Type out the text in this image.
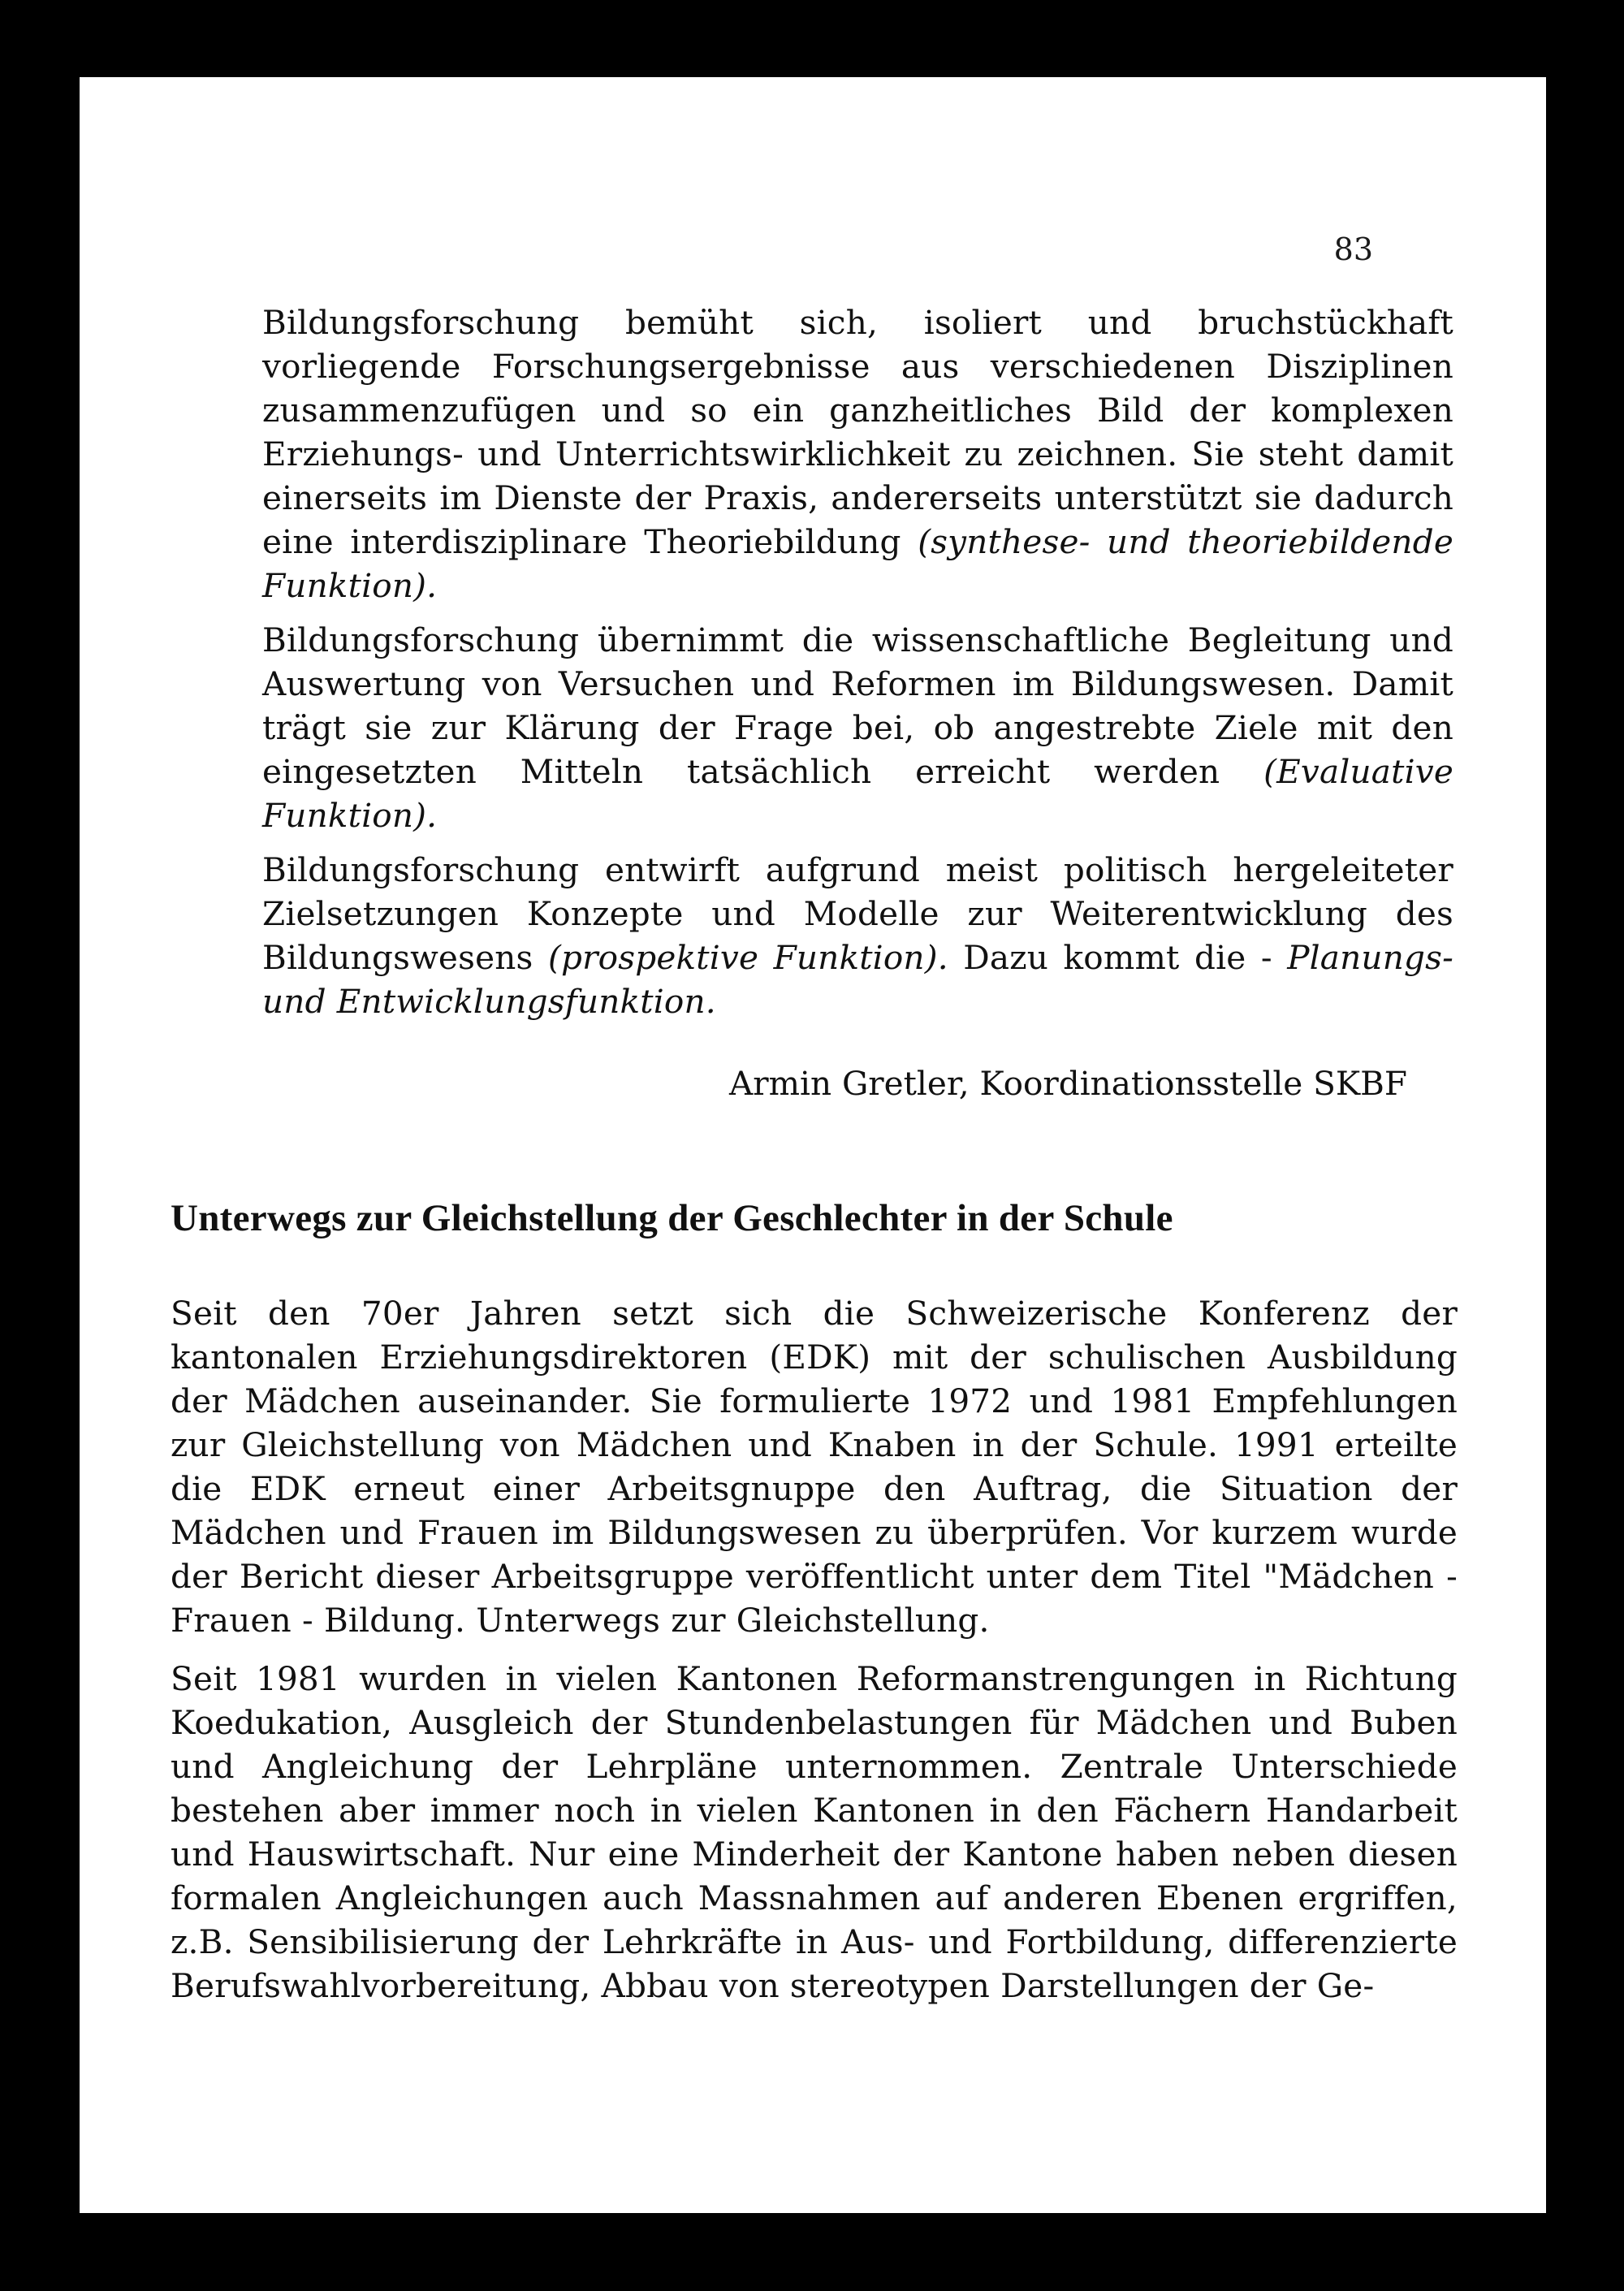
83

Bildungsforschung bemüht sich, isoliert und bruchstückhaft vorliegende Forschungsergebnisse aus verschiedenen Disziplinen zusammenzufügen und so ein ganzheitliches Bild der komplexen Erziehungs- und Unterrichtswirklichkeit zu zeichnen. Sie steht damit einerseits im Dienste der Praxis, andererseits unterstützt sie dadurch eine interdisziplinare Theoriebildung (synthese- und theoriebildende Funktion).

Bildungsforschung übernimmt die wissenschaftliche Begleitung und Auswertung von Versuchen und Reformen im Bildungswesen. Damit trägt sie zur Klärung der Frage bei, ob angestrebte Ziele mit den eingesetzten Mitteln tatsächlich erreicht werden (Evaluative Funktion).

Bildungsforschung entwirft aufgrund meist politisch hergeleiteter Zielsetzungen Konzepte und Modelle zur Weiterentwicklung des Bildungswesens (prospektive Funktion). Dazu kommt die - Planungs- und Entwicklungsfunktion.

Armin Gretler, Koordinationsstelle SKBF
Unterwegs zur Gleichstellung der Geschlechter in der Schule

Seit den 70er Jahren setzt sich die Schweizerische Konferenz der kantonalen Erziehungsdirektoren (EDK) mit der schulischen Ausbildung der Mädchen auseinander. Sie formulierte 1972 und 1981 Empfehlungen zur Gleichstellung von Mädchen und Knaben in der Schule. 1991 erteilte die EDK erneut einer Arbeitsgnuppe den Auftrag, die Situation der Mädchen und Frauen im Bildungswesen zu überprüfen. Vor kurzem wurde der Bericht dieser Arbeitsgruppe veröffentlicht unter dem Titel "Mädchen - Frauen - Bildung. Unterwegs zur Gleichstellung.

Seit 1981 wurden in vielen Kantonen Reformanstrengungen in Richtung Koedukation, Ausgleich der Stundenbelastungen für Mädchen und Buben und Angleichung der Lehrpläne unternommen. Zentrale Unterschiede bestehen aber immer noch in vielen Kantonen in den Fächern Handarbeit und Hauswirtschaft. Nur eine Minderheit der Kantone haben neben diesen formalen Angleichungen auch Massnahmen auf anderen Ebenen ergriffen, z.B. Sensibilisierung der Lehrkräfte in Aus- und Fortbildung, differenzierte Berufswahlvorbereitung, Abbau von stereotypen Darstellungen der Ge-
